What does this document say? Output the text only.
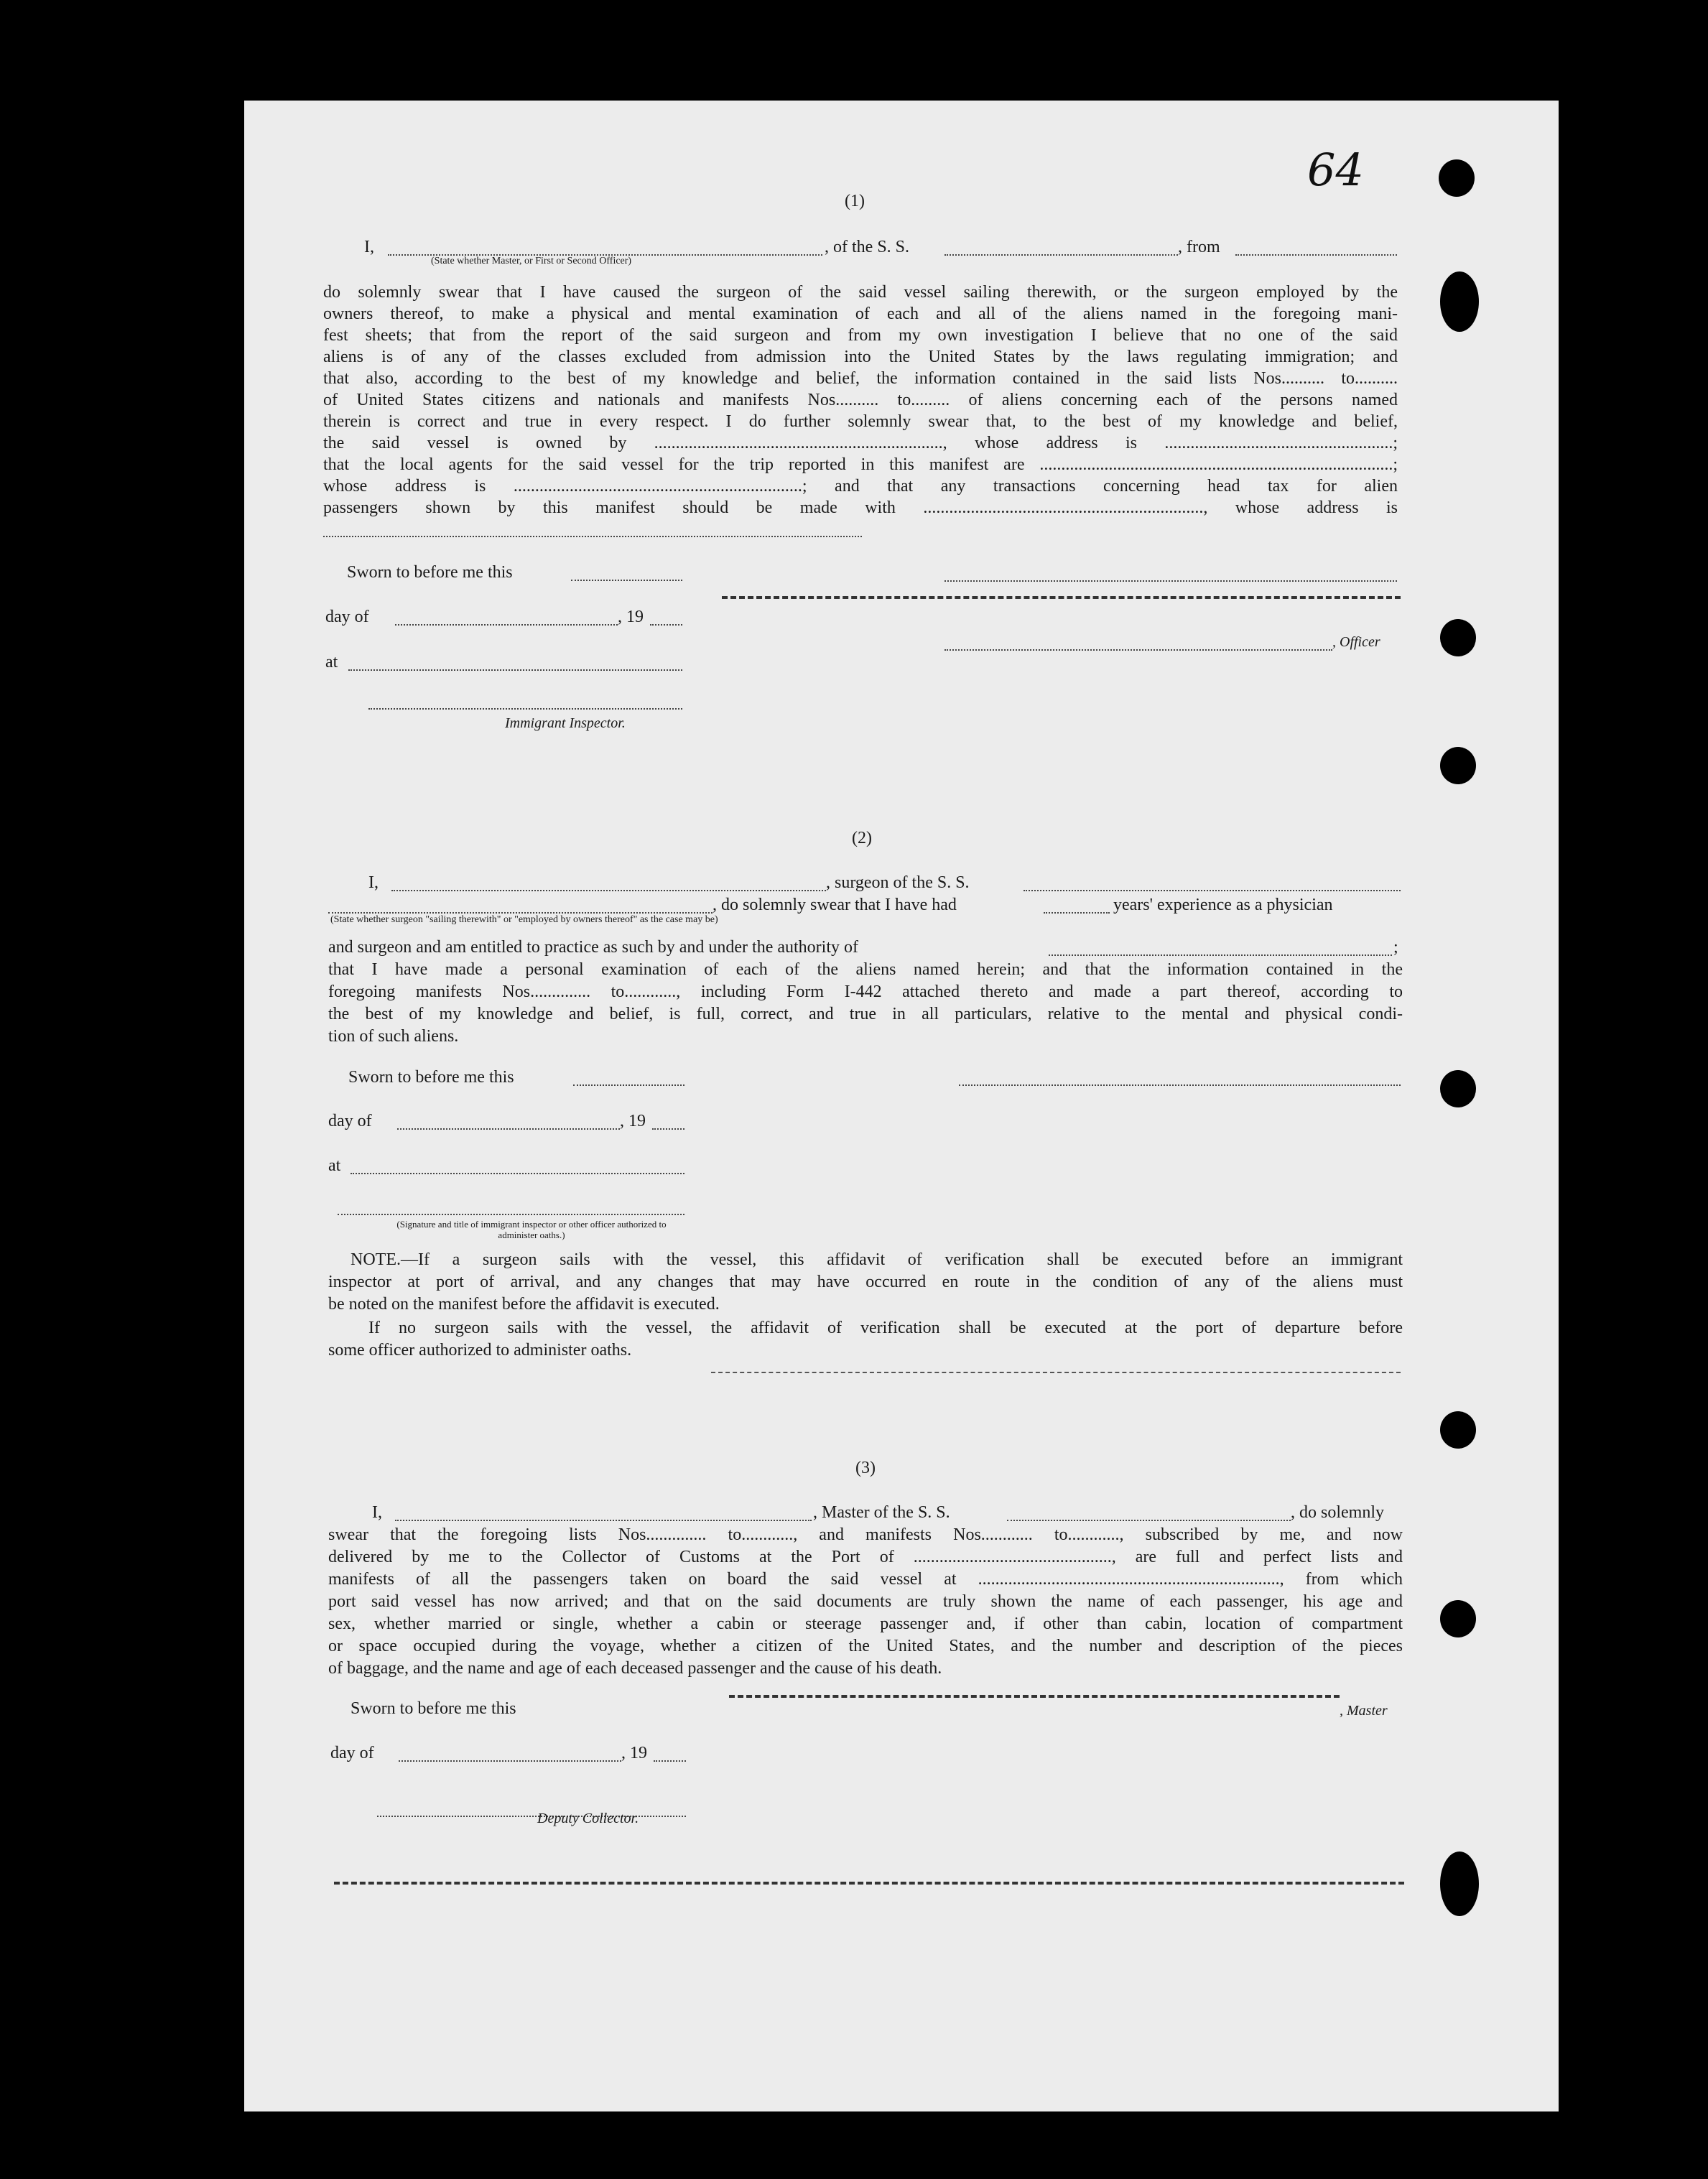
64
(1)
I,
(State whether Master, or First or Second Officer)
, of the S. S.	, from
do solemnly swear that I have caused the surgeon of the said vessel sailing therewith, or the surgeon employed by the
owners thereof, to make a physical and mental examination of each and all of the aliens named in the foregoing mani-
fest sheets; that from the report of the said surgeon and from my own investigation I believe that no one of the said
aliens is of any of the classes excluded from admission into the United States by the laws regulating immigration; and
that also, according to the best of my knowledge and belief, the information contained in the said lists Nos.......... to..........
of United States citizens and nationals and manifests Nos.......... to......... of aliens concerning each of the persons named
therein is correct and true in every respect. I do further solemnly swear that, to the best of my knowledge and belief,
the said vessel is owned by ..................................................................., whose address is .....................................................;
that the local agents for the said vessel for the trip reported in this manifest are ..................................................................................;
whose address is ...................................................................; and that any transactions concerning head tax for alien
passengers shown by this manifest should be made with ................................................................., whose address is
Sworn to before me this
day of	, 19
at
Immigrant Inspector.
, Officer
(2)
I,	, surgeon of the S. S.
, do solemnly swear that I have had	years' experience as a physician
(State whether surgeon "sailing therewith" or "employed by owners thereof" as the case may be)
and surgeon and am entitled to practice as such by and under the authority of	;
that I have made a personal examination of each of the aliens named herein; and that the information contained in the
foregoing manifests Nos.............. to............, including Form I-442 attached thereto and made a part thereof, according to
the best of my knowledge and belief, is full, correct, and true in all particulars, relative to the mental and physical condi-
tion of such aliens.
Sworn to before me this
day of	, 19
at
(Signature and title of immigrant inspector or other officer authorized to administer oaths.)
NOTE.—If a surgeon sails with the vessel, this affidavit of verification shall be executed before an immigrant
inspector at port of arrival, and any changes that may have occurred en route in the condition of any of the aliens must
be noted on the manifest before the affidavit is executed.
If no surgeon sails with the vessel, the affidavit of verification shall be executed at the port of departure before
some officer authorized to administer oaths.
(3)
I,	, Master of the S. S.	, do solemnly
swear that the foregoing lists Nos.............. to............, and manifests Nos............ to............, subscribed by me, and now
delivered by me to the Collector of Customs at the Port of .............................................., are full and perfect lists and
manifests of all the passengers taken on board the said vessel at ......................................................................, from which
port said vessel has now arrived; and that on the said documents are truly shown the name of each passenger, his age and
sex, whether married or single, whether a cabin or steerage passenger and, if other than cabin, location of compartment
or space occupied during the voyage, whether a citizen of the United States, and the number and description of the pieces
of baggage, and the name and age of each deceased passenger and the cause of his death.
, Master
Sworn to before me this
day of	, 19
Deputy Collector.
